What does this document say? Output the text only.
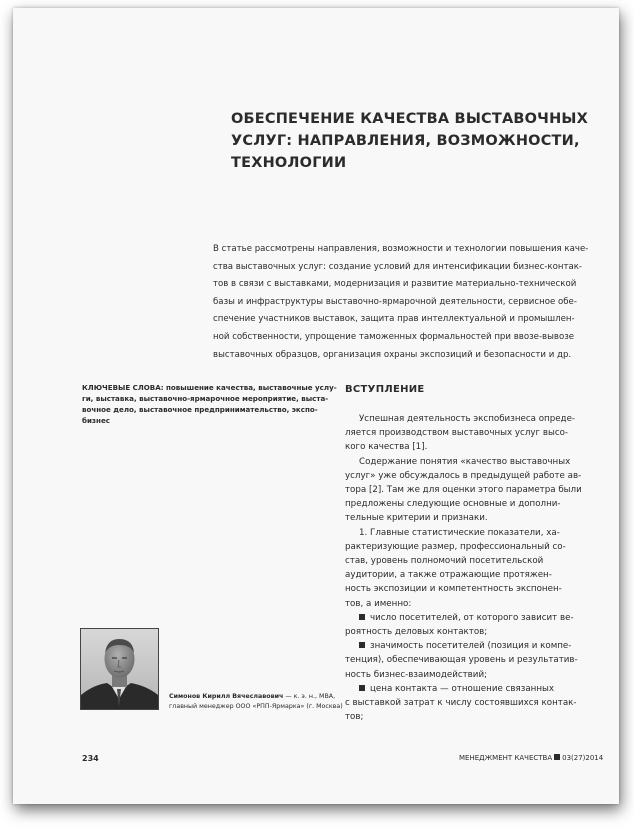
ОБЕСПЕЧЕНИЕ КАЧЕСТВА ВЫСТАВОЧНЫХ
УСЛУГ: НАПРАВЛЕНИЯ, ВОЗМОЖНОСТИ,
ТЕХНОЛОГИИ

В статье рассмотрены направления, возможности и технологии повышения каче-
ства выставочных услуг: создание условий для интенсификации бизнес-контак-
тов в связи с выставками, модернизация и развитие материально-технической
базы и инфраструктуры выставочно-ярмарочной деятельности, сервисное обе-
спечение участников выставок, защита прав интеллектуальной и промышлен-
ной собственности, упрощение таможенных формальностей при ввозе-вывозе
выставочных образцов, организация охраны экспозиций и безопасности и др.

КЛЮЧЕВЫЕ СЛОВА: повышение качества, выставочные услу-
ги, выставка, выставочно-ярмарочное мероприятие, выста-
вочное дело, выставочное предпринимательство, экспо-
бизнес
ВСТУПЛЕНИЕ
Успешная деятельность экспобизнеса опреде-
ляется производством выставочных услуг высо-
кого качества [1].
Содержание понятия «качество выставочных
услуг» уже обсуждалось в предыдущей работе ав-
тора [2]. Там же для оценки этого параметра были
предложены следующие основные и дополни-
тельные критерии и признаки.
1. Главные статистические показатели, ха-
рактеризующие размер, профессиональный со-
став, уровень полномочий посетительской
аудитории, а также отражающие протяжен-
ность экспозиции и компетентность экспонен-
тов, а именно:
число посетителей, от которого зависит ве-
роятность деловых контактов;
значимость посетителей (позиция и компе-
тенция), обеспечивающая уровень и результатив-
ность бизнес-взаимодействий;
цена контакта — отношение связанных
с выставкой затрат к числу состоявшихся контак-
тов;
Симонов Кирилл Вячеславович — к. э. н., MBA,
главный менеджер ООО «РПП-Ярмарка» (г. Москва)
234	МЕНЕДЖМЕНТ КАЧЕСТВА 03(27)2014
